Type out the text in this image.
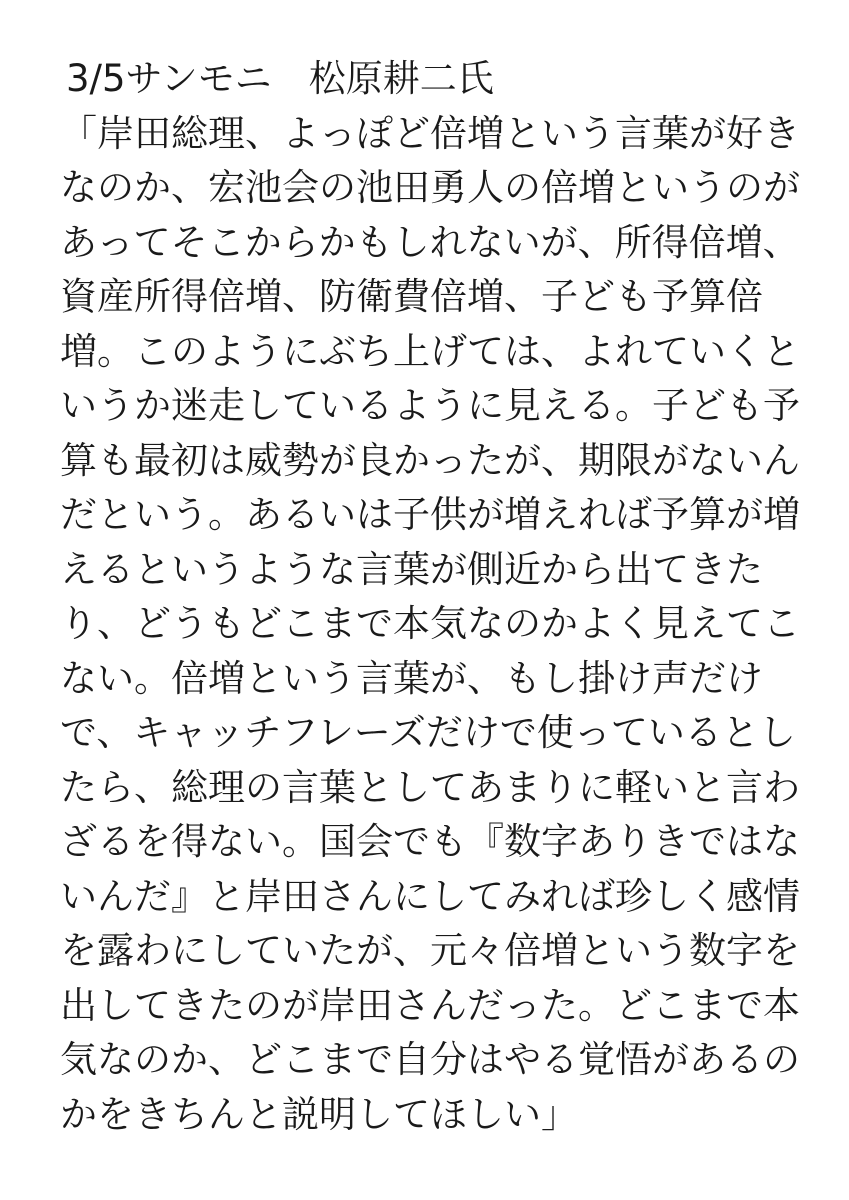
3/5サンモニ　松原耕二氏
「岸田総理、よっぽど倍増という言葉が好き
なのか、宏池会の池田勇人の倍増というのが
あってそこからかもしれないが、所得倍増、
資産所得倍増、防衛費倍増、子ども予算倍
増。このようにぶち上げては、よれていくと
いうか迷走しているように見える。子ども予
算も最初は威勢が良かったが、期限がないん
だという。あるいは子供が増えれば予算が増
えるというような言葉が側近から出てきた
り、どうもどこまで本気なのかよく見えてこ
ない。倍増という言葉が、もし掛け声だけ
で、キャッチフレーズだけで使っているとし
たら、総理の言葉としてあまりに軽いと言わ
ざるを得ない。国会でも『数字ありきではな
いんだ』と岸田さんにしてみれば珍しく感情
を露わにしていたが、元々倍増という数字を
出してきたのが岸田さんだった。どこまで本
気なのか、どこまで自分はやる覚悟があるの
かをきちんと説明してほしい」
